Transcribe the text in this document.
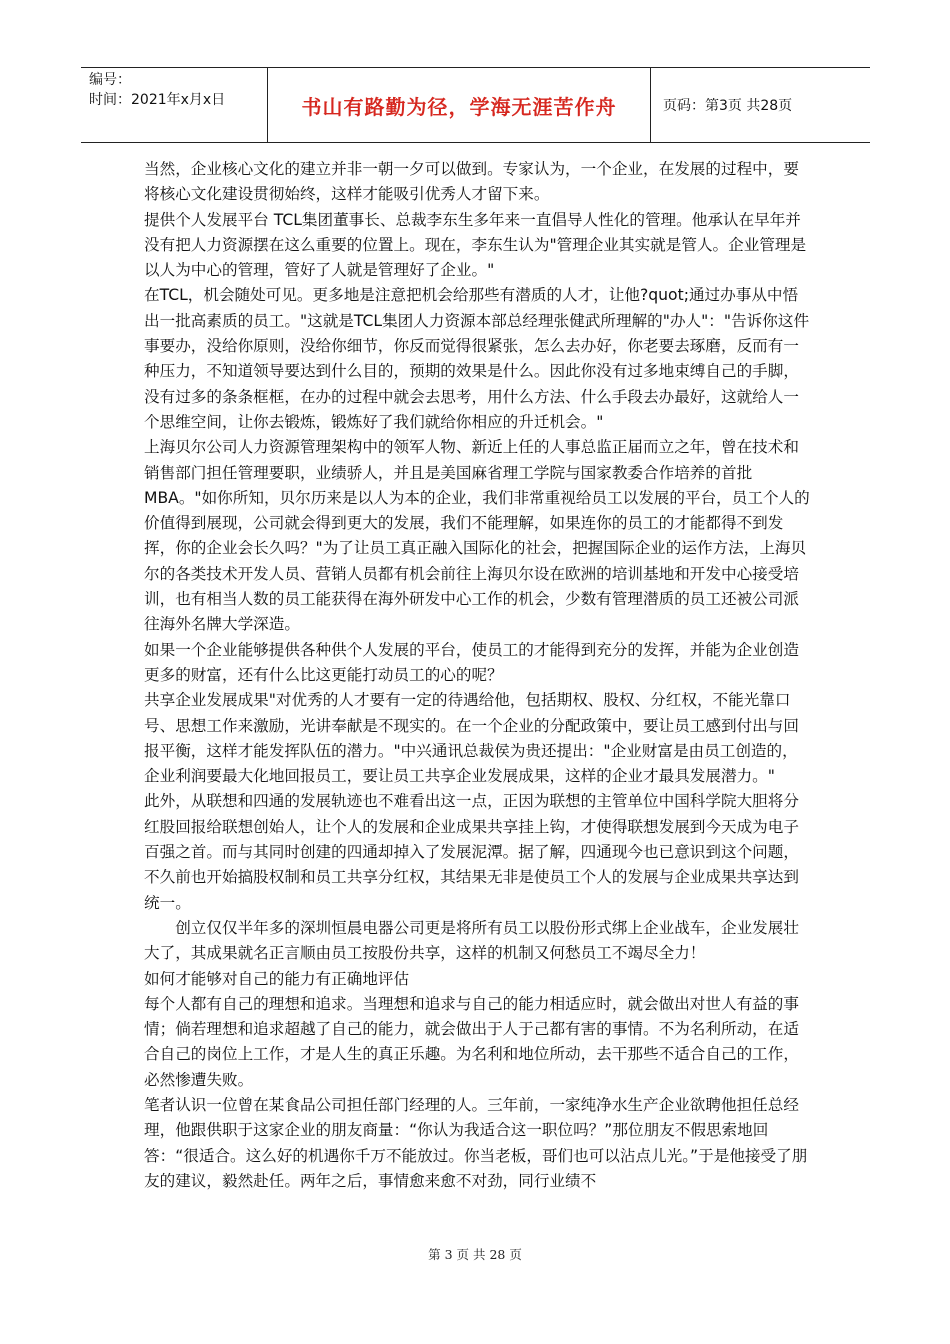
编号：
时间：2021年x月x日	书山有路勤为径，学海无涯苦作舟	页码：第3页 共28页

当然，企业核心文化的建立并非一朝一夕可以做到。专家认为，一个企业，在发展的过程中，要将核心文化建设贯彻始终，这样才能吸引优秀人才留下来。

提供个人发展平台 TCL集团董事长、总裁李东生多年来一直倡导人性化的管理。他承认在早年并没有把人力资源摆在这么重要的位置上。现在，李东生认为"管理企业其实就是管人。企业管理是以人为中心的管理，管好了人就是管理好了企业。"

在TCL，机会随处可见。更多地是注意把机会给那些有潜质的人才，让他?quot;通过办事从中悟出一批高素质的员工。"这就是TCL集团人力资源本部总经理张健武所理解的"办人"："告诉你这件事要办，没给你原则，没给你细节，你反而觉得很紧张，怎么去办好，你老要去琢磨，反而有一种压力，不知道领导要达到什么目的，预期的效果是什么。因此你没有过多地束缚自己的手脚，没有过多的条条框框，在办的过程中就会去思考，用什么方法、什么手段去办最好，这就给人一个思维空间，让你去锻炼，锻炼好了我们就给你相应的升迁机会。"

上海贝尔公司人力资源管理架构中的领军人物、新近上任的人事总监正届而立之年，曾在技术和销售部门担任管理要职，业绩骄人，并且是美国麻省理工学院与国家教委合作培养的首批MBA。"如你所知，贝尔历来是以人为本的企业，我们非常重视给员工以发展的平台，员工个人的价值得到展现，公司就会得到更大的发展，我们不能理解，如果连你的员工的才能都得不到发挥，你的企业会长久吗？"为了让员工真正融入国际化的社会，把握国际企业的运作方法，上海贝尔的各类技术开发人员、营销人员都有机会前往上海贝尔设在欧洲的培训基地和开发中心接受培训，也有相当人数的员工能获得在海外研发中心工作的机会，少数有管理潜质的员工还被公司派往海外名牌大学深造。

如果一个企业能够提供各种供个人发展的平台，使员工的才能得到充分的发挥，并能为企业创造更多的财富，还有什么比这更能打动员工的心的呢？

共享企业发展成果"对优秀的人才要有一定的待遇给他，包括期权、股权、分红权，不能光靠口号、思想工作来激励，光讲奉献是不现实的。在一个企业的分配政策中，要让员工感到付出与回报平衡，这样才能发挥队伍的潜力。"中兴通讯总裁侯为贵还提出："企业财富是由员工创造的，企业利润要最大化地回报员工，要让员工共享企业发展成果，这样的企业才最具发展潜力。"

此外，从联想和四通的发展轨迹也不难看出这一点，正因为联想的主管单位中国科学院大胆将分红股回报给联想创始人，让个人的发展和企业成果共享挂上钩，才使得联想发展到今天成为电子百强之首。而与其同时创建的四通却掉入了发展泥潭。据了解，四通现今也已意识到这个问题，不久前也开始搞股权制和员工共享分红权，其结果无非是使员工个人的发展与企业成果共享达到统一。

创立仅仅半年多的深圳恒晨电器公司更是将所有员工以股份形式绑上企业战车，企业发展壮大了，其成果就名正言顺由员工按股份共享，这样的机制又何愁员工不竭尽全力！

如何才能够对自己的能力有正确地评估

每个人都有自己的理想和追求。当理想和追求与自己的能力相适应时，就会做出对世人有益的事情；倘若理想和追求超越了自己的能力，就会做出于人于己都有害的事情。不为名利所动，在适合自己的岗位上工作，才是人生的真正乐趣。为名利和地位所动，去干那些不适合自己的工作，必然惨遭失败。

笔者认识一位曾在某食品公司担任部门经理的人。三年前，一家纯净水生产企业欲聘他担任总经理，他跟供职于这家企业的朋友商量：“你认为我适合这一职位吗？”那位朋友不假思索地回答：“很适合。这么好的机遇你千万不能放过。你当老板，哥们也可以沾点儿光。”于是他接受了朋友的建议，毅然赴任。两年之后，事情愈来愈不对劲，同行业绩不

第 3 页 共 28 页
